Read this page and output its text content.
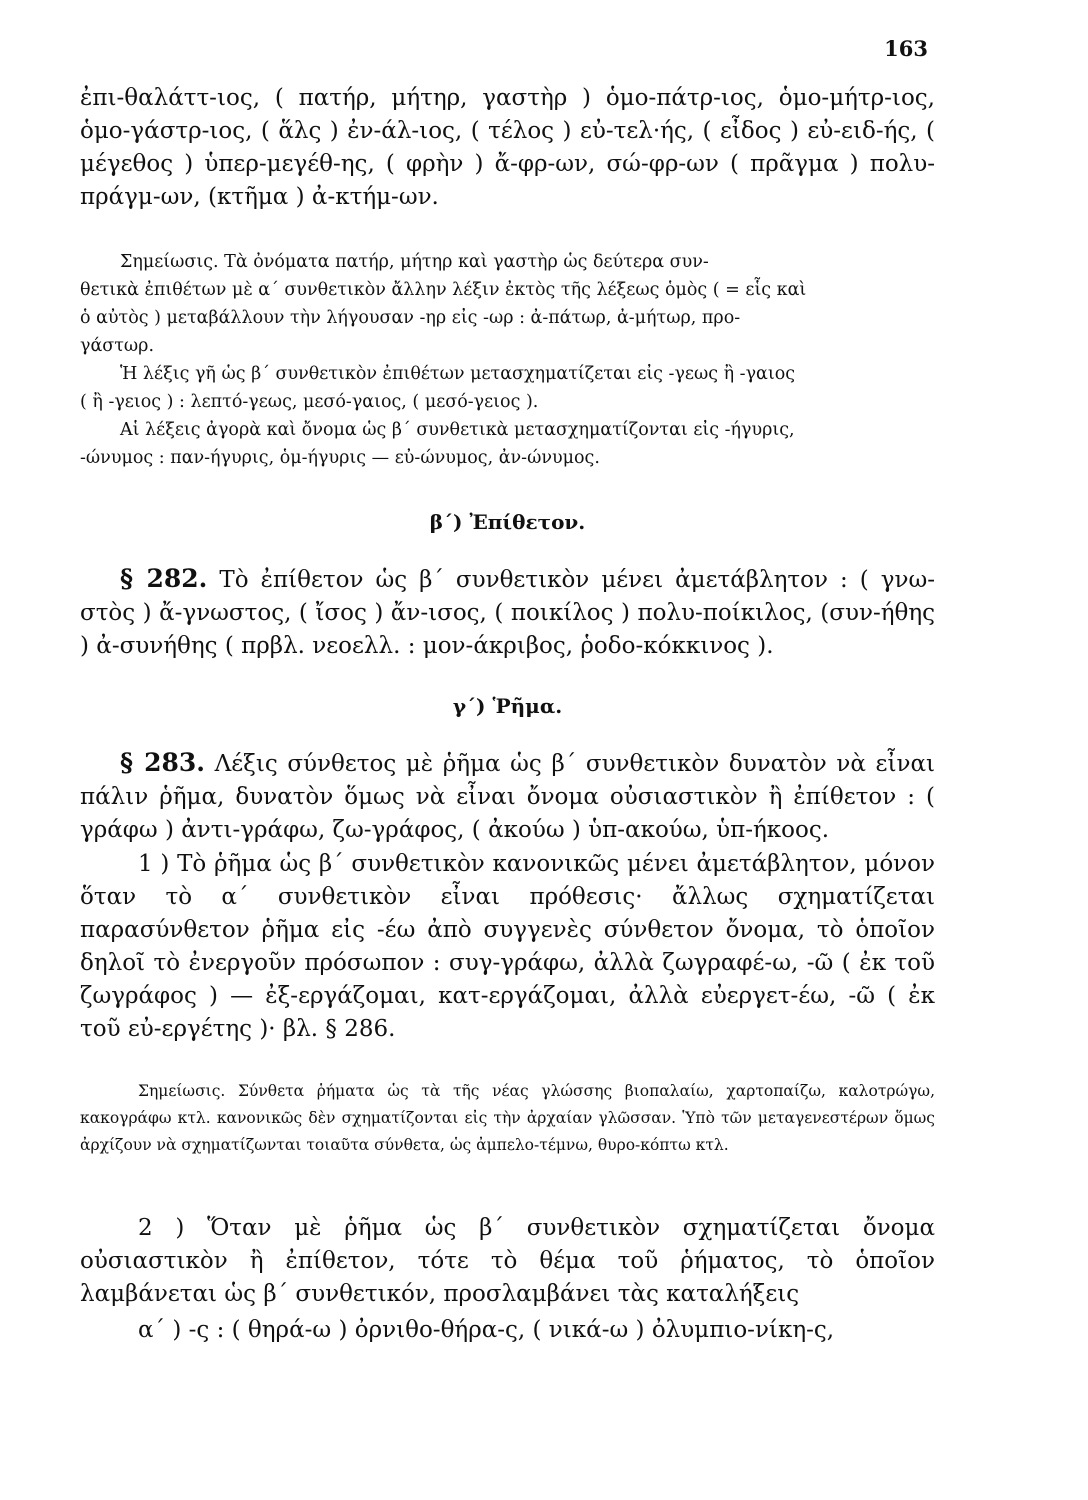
163
ἐπι-θαλάττ-ιος, ( πατήρ, μήτηρ, γαστὴρ ) ὁμο-πάτρ-ιος, ὁμο-μήτρ-ιος, ὁμο-γάστρ-ιος, ( ἅλς ) ἐν-άλ-ιος, ( τέλος ) εὐ-τελ·ής, ( εἶδος ) εὐ-ειδ-ής, ( μέγεθος ) ὑπερ-μεγέθ-ης, ( φρὴν ) ἄ-φρ-ων, σώ-φρ-ων ( πρᾶγμα ) πολυ-πράγμ-ων, (κτῆμα ) ἀ-κτήμ-ων.

Σημείωσις. Τὰ ὀνόματα πατήρ, μήτηρ καὶ γαστὴρ ὡς δεύτερα συν-

θετικὰ ἐπιθέτων μὲ α΄ συνθετικὸν ἄλλην λέξιν ἐκτὸς τῆς λέξεως ὁμὸς ( = εἷς καὶ

ὁ αὐτὸς ) μεταβάλλουν τὴν λήγουσαν -ηρ εἰς -ωρ : ἀ-πάτωρ, ἀ-μήτωρ, προ-

γάστωρ.

Ἡ λέξις γῆ ὡς β΄ συνθετικὸν ἐπιθέτων μετασχηματίζεται εἰς -γεως ἢ -γαιος

( ἢ -γειος ) : λεπτό-γεως, μεσό-γαιος, ( μεσό-γειος ).

Αἱ λέξεις ἀγορὰ καὶ ὄνομα ὡς β΄ συνθετικὰ μετασχηματίζονται εἰς -ήγυρις,

-ώνυμος : παν-ήγυρις, ὁμ-ήγυρις — εὐ-ώνυμος, ἀν-ώνυμος.

β΄) Ἐπίθετον.
§ 282. Τὸ ἐπίθετον ὡς β΄ συνθετικὸν μένει ἀμετάβλητον : ( γνω-στὸς ) ἄ-γνωστος, ( ἴσος ) ἄν-ισος, ( ποικίλος ) πολυ-ποίκιλος, (συν-ήθης ) ἀ-συνήθης ( πρβλ. νεοελλ. : μον-άκριβος, ῥοδο-κόκκινος ).
γ΄) Ῥῆμα.
§ 283. Λέξις σύνθετος μὲ ῥῆμα ὡς β΄ συνθετικὸν δυνατὸν νὰ εἶναι πάλιν ῥῆμα, δυνατὸν ὅμως νὰ εἶναι ὄνομα οὐσιαστικὸν ἢ ἐπίθετον : ( γράφω ) ἀντι-γράφω, ζω-γράφος, ( ἀκούω ) ὑπ-ακούω, ὑπ-ήκοος.
1 ) Τὸ ῥῆμα ὡς β΄ συνθετικὸν κανονικῶς μένει ἀμετάβλητον, μόνον ὅταν τὸ α΄ συνθετικὸν εἶναι πρόθεσις· ἄλλως σχηματίζεται παρασύνθετον ῥῆμα εἰς -έω ἀπὸ συγγενὲς σύνθετον ὄνομα, τὸ ὁποῖον δηλοῖ τὸ ἐνεργοῦν πρόσωπον : συγ-γράφω, ἀλλὰ ζωγραφέ-ω, -ῶ ( ἐκ τοῦ ζωγράφος ) — ἐξ-εργάζομαι, κατ-εργάζομαι, ἀλλὰ εὐεργετ-έω, -ῶ ( ἐκ τοῦ εὐ-εργέτης )· βλ. § 286.
Σημείωσις. Σύνθετα ῥήματα ὡς τὰ τῆς νέας γλώσσης βιοπαλαίω, χαρτοπαίζω, καλοτρώγω, κακογράφω κτλ. κανονικῶς δὲν σχηματίζονται εἰς τὴν ἀρχαίαν γλῶσσαν. Ὑπὸ τῶν μεταγενεστέρων ὅμως ἀρχίζουν νὰ σχηματίζωνται τοιαῦτα σύνθετα, ὡς ἀμπελο-τέμνω, θυρο-κόπτω κτλ.
2 ) Ὅταν μὲ ῥῆμα ὡς β΄ συνθετικὸν σχηματίζεται ὄνομα οὐσιαστικὸν ἢ ἐπίθετον, τότε τὸ θέμα τοῦ ῥήματος, τὸ ὁποῖον λαμβάνεται ὡς β΄ συνθετικόν, προσλαμβάνει τὰς καταλήξεις
α΄ ) -ς : ( θηρά-ω ) ὀρνιθο-θήρα-ς, ( νικά-ω ) ὀλυμπιο-νίκη-ς,
